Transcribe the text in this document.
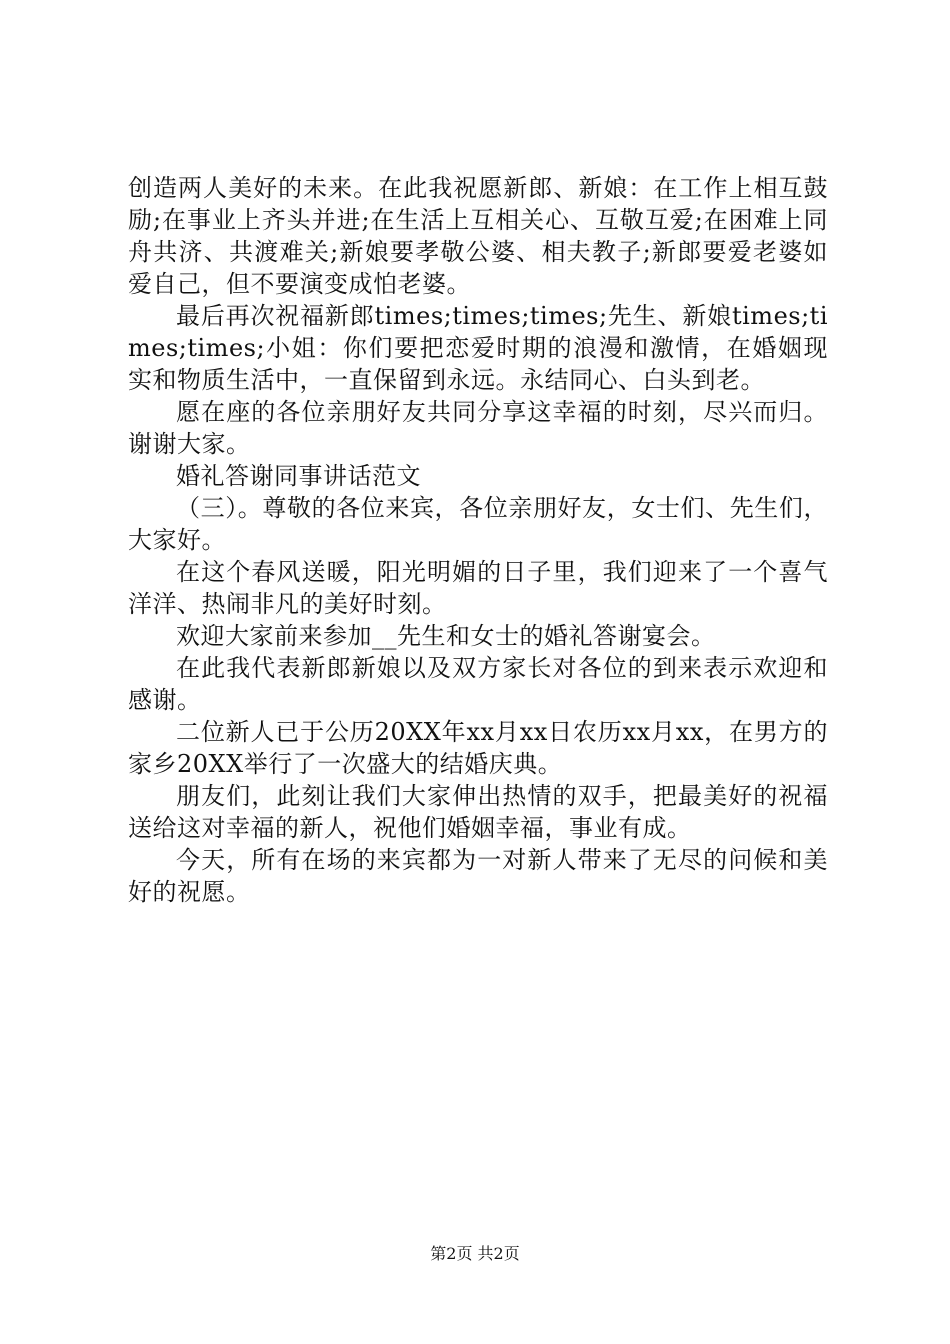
创造两人美好的未来。在此我祝愿新郎、新娘：在工作上相互鼓励;在事业上齐头并进;在生活上互相关心、互敬互爱;在困难上同舟共济、共渡难关;新娘要孝敬公婆、相夫教子;新郎要爱老婆如爱自己，但不要演变成怕老婆。

最后再次祝福新郎times;times;times;先生、新娘times;times;times;小姐：你们要把恋爱时期的浪漫和激情，在婚姻现实和物质生活中，一直保留到永远。永结同心、白头到老。

愿在座的各位亲朋好友共同分享这幸福的时刻，尽兴而归。谢谢大家。

婚礼答谢同事讲话范文

（三）。尊敬的各位来宾，各位亲朋好友，女士们、先生们，大家好。

在这个春风送暖，阳光明媚的日子里，我们迎来了一个喜气洋洋、热闹非凡的美好时刻。

欢迎大家前来参加__先生和女士的婚礼答谢宴会。

在此我代表新郎新娘以及双方家长对各位的到来表示欢迎和感谢。

二位新人已于公历20XX年xx月xx日农历xx月xx，在男方的家乡20XX举行了一次盛大的结婚庆典。

朋友们，此刻让我们大家伸出热情的双手，把最美好的祝福送给这对幸福的新人，祝他们婚姻幸福，事业有成。

今天，所有在场的来宾都为一对新人带来了无尽的问候和美好的祝愿。

第2页 共2页
